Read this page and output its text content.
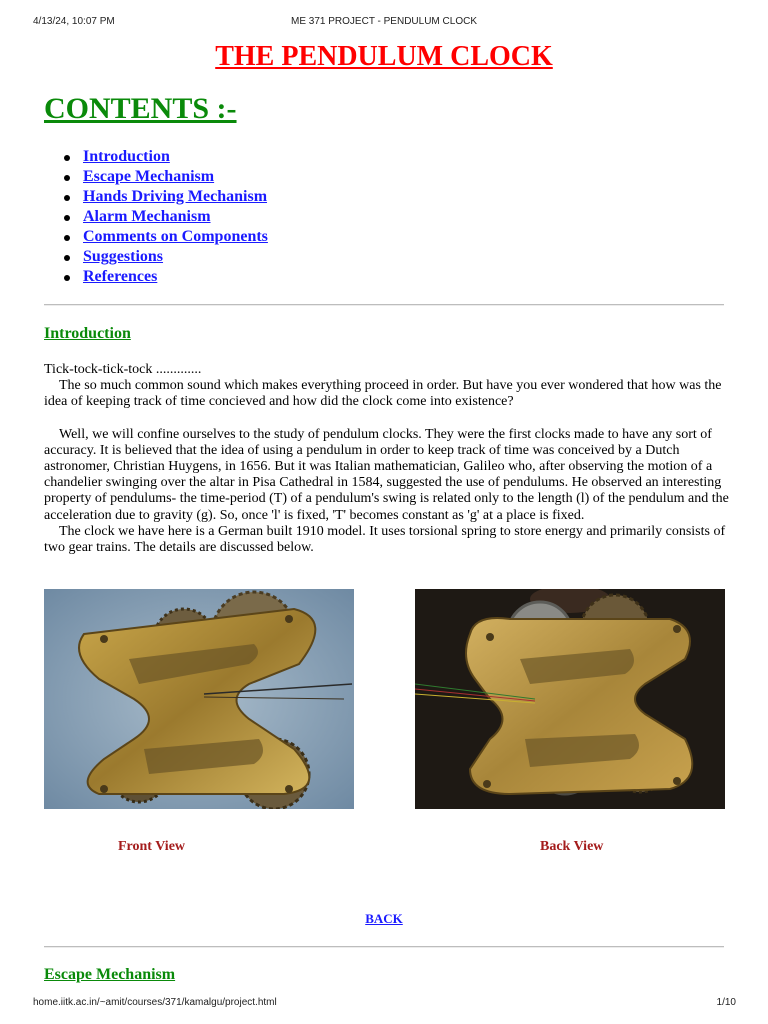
4/13/24, 10:07 PM	ME 371 PROJECT - PENDULUM CLOCK
THE PENDULUM CLOCK
CONTENTS :-
Introduction
Escape Mechanism
Hands Driving Mechanism
Alarm Mechanism
Comments on Components
Suggestions
References
Introduction

Tick-tock-tick-tock .............

The so much common sound which makes everything proceed in order. But have you ever wondered that how was the idea of keeping track of time concieved and how did the clock come into existence?

Well, we will confine ourselves to the study of pendulum clocks. They were the first clocks made to have any sort of accuracy. It is believed that the idea of using a pendulum in order to keep track of time was conceived by a Dutch astronomer, Christian Huygens, in 1656. But it was Italian mathematician, Galileo who, after observing the motion of a chandelier swinging over the altar in Pisa Cathedral in 1584, suggested the use of pendulums. He observed an interesting property of pendulums- the time-period (T) of a pendulum's swing is related only to the length (l) of the pendulum and the acceleration due to gravity (g). So, once 'l' is fixed, 'T' becomes constant as 'g' at a place is fixed.

The clock we have here is a German built 1910 model. It uses torsional spring to store energy and primarily consists of two gear trains. The details are discussed below.

Front View	Back View
BACK
Escape Mechanism
home.iitk.ac.in/~amit/courses/371/kamalgu/project.html	1/10
